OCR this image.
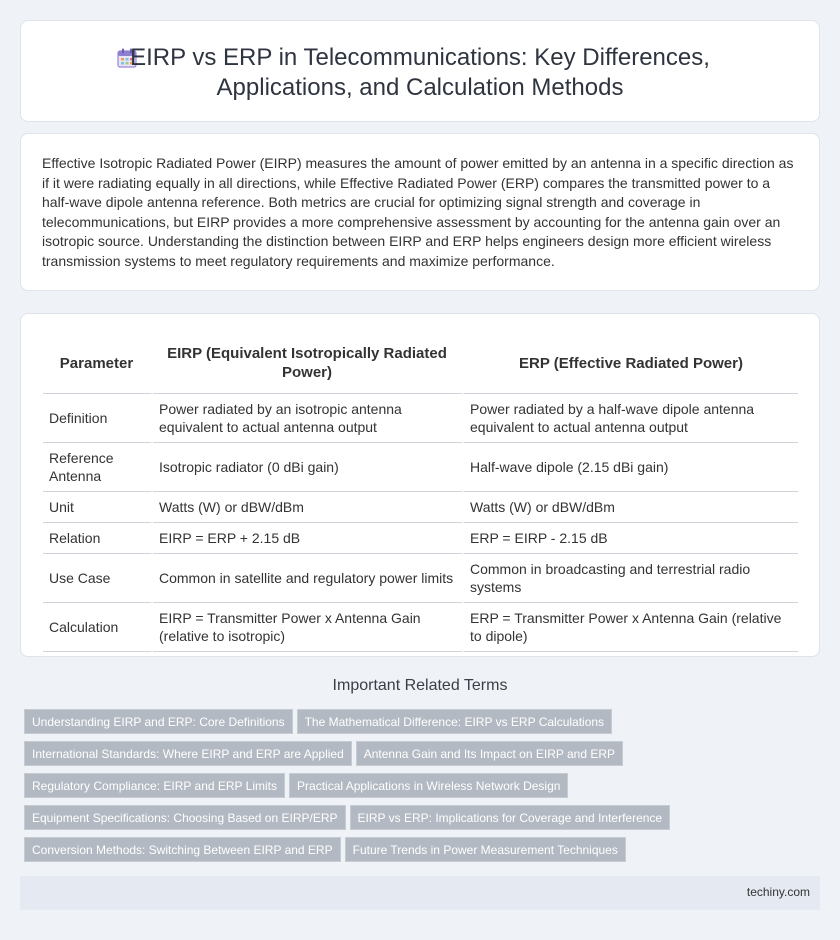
EIRP vs ERP in Telecommunications: Key Differences, Applications, and Calculation Methods

Effective Isotropic Radiated Power (EIRP) measures the amount of power emitted by an antenna in a specific direction as if it were radiating equally in all directions, while Effective Radiated Power (ERP) compares the transmitted power to a half-wave dipole antenna reference. Both metrics are crucial for optimizing signal strength and coverage in telecommunications, but EIRP provides a more comprehensive assessment by accounting for the antenna gain over an isotropic source. Understanding the distinction between EIRP and ERP helps engineers design more efficient wireless transmission systems to meet regulatory requirements and maximize performance.

Parameter	EIRP (Equivalent Isotropically Radiated Power)	ERP (Effective Radiated Power)
Definition	Power radiated by an isotropic antenna equivalent to actual antenna output	Power radiated by a half-wave dipole antenna equivalent to actual antenna output
Reference Antenna	Isotropic radiator (0 dBi gain)	Half-wave dipole (2.15 dBi gain)
Unit	Watts (W) or dBW/dBm	Watts (W) or dBW/dBm
Relation	EIRP = ERP + 2.15 dB	ERP = EIRP - 2.15 dB
Use Case	Common in satellite and regulatory power limits	Common in broadcasting and terrestrial radio systems
Calculation	EIRP = Transmitter Power x Antenna Gain (relative to isotropic)	ERP = Transmitter Power x Antenna Gain (relative to dipole)
Important Related Terms
Understanding EIRP and ERP: Core Definitions The Mathematical Difference: EIRP vs ERP Calculations
International Standards: Where EIRP and ERP are Applied Antenna Gain and Its Impact on EIRP and ERP
Regulatory Compliance: EIRP and ERP Limits Practical Applications in Wireless Network Design
Equipment Specifications: Choosing Based on EIRP/ERP EIRP vs ERP: Implications for Coverage and Interference
Conversion Methods: Switching Between EIRP and ERP Future Trends in Power Measurement Techniques
techiny.com
